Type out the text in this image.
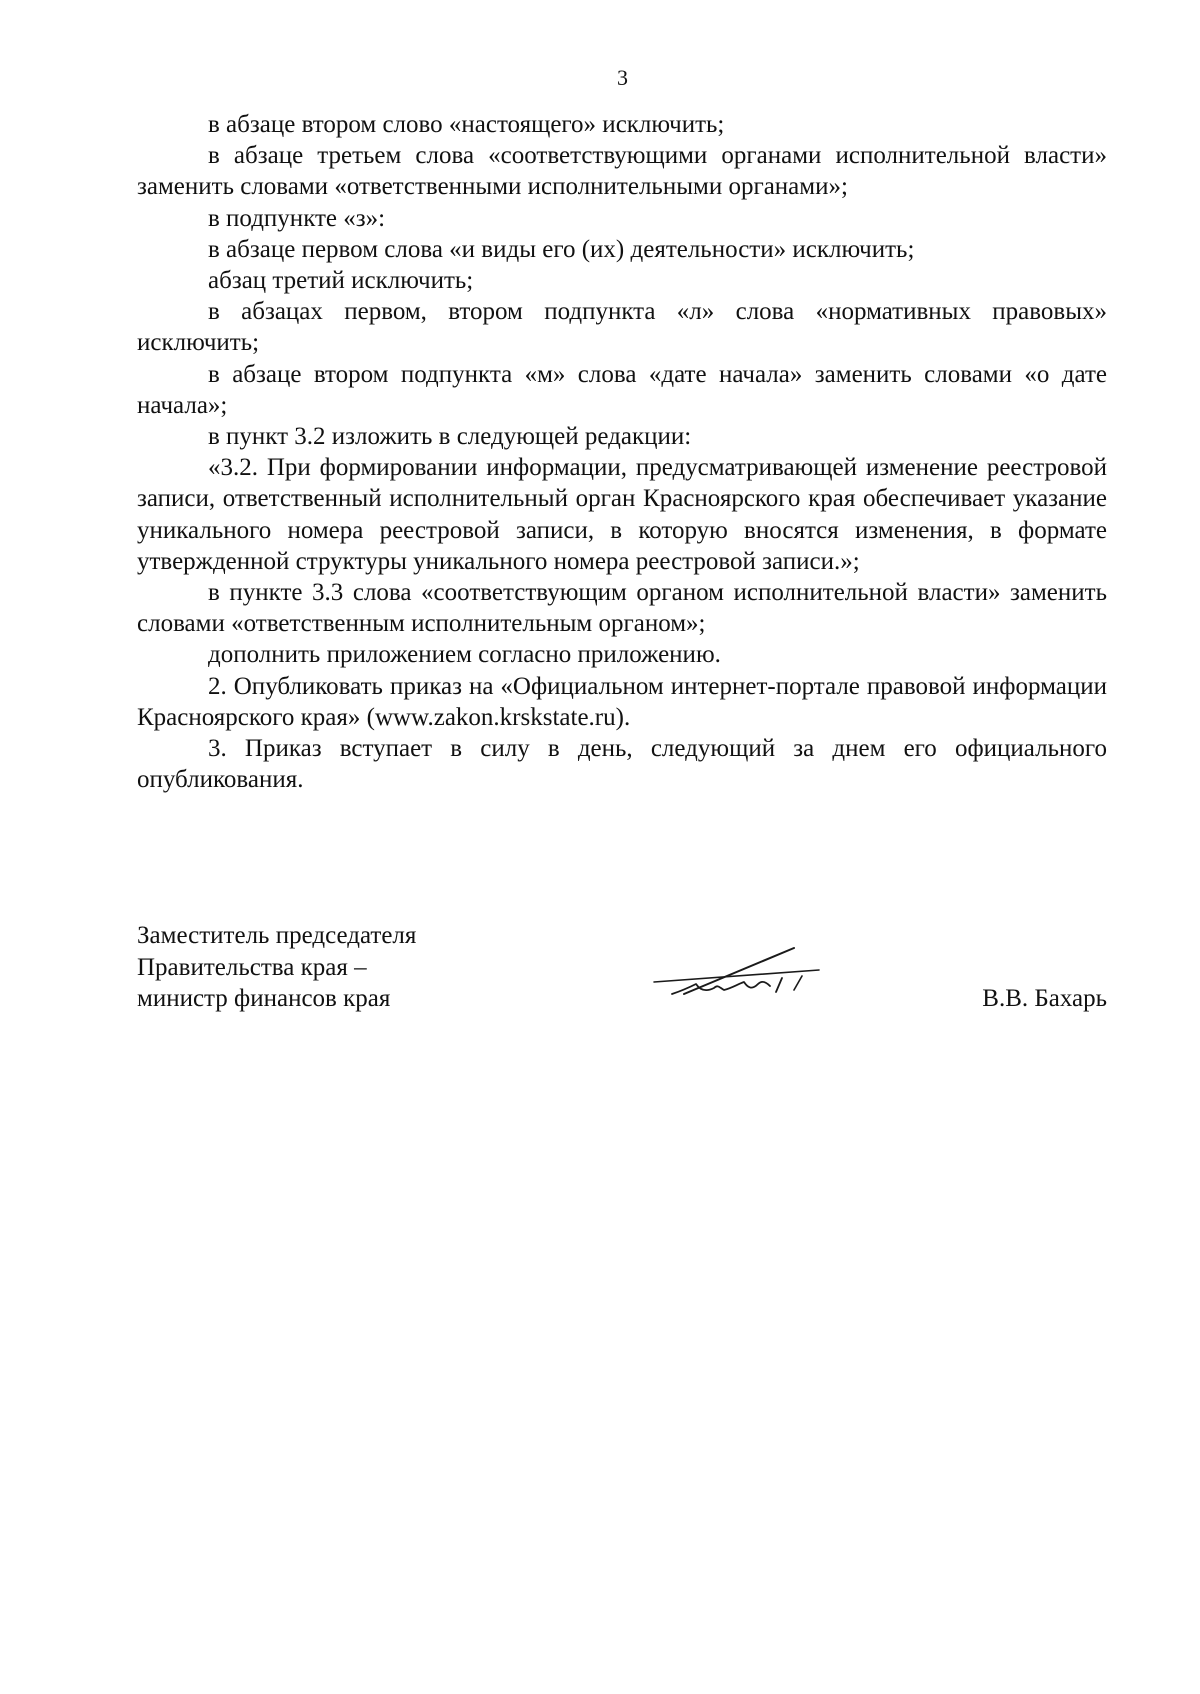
3

в абзаце втором слово «настоящего» исключить;

в абзаце третьем слова «соответствующими органами исполнительной власти» заменить словами «ответственными исполнительными органами»;

в подпункте «з»:

в абзаце первом слова «и виды его (их) деятельности» исключить;

абзац третий исключить;

в абзацах первом, втором подпункта «л» слова «нормативных правовых» исключить;

в абзаце втором подпункта «м» слова «дате начала» заменить словами «о дате начала»;

в пункт 3.2 изложить в следующей редакции:

«3.2. При формировании информации, предусматривающей изменение реестровой записи, ответственный исполнительный орган Красноярского края обеспечивает указание уникального номера реестровой записи, в которую вносятся изменения, в формате утвержденной структуры уникального номера реестровой записи.»;

в пункте 3.3 слова «соответствующим органом исполнительной власти» заменить словами «ответственным исполнительным органом»;

дополнить приложением согласно приложению.

2. Опубликовать приказ на «Официальном интернет-портале правовой информации Красноярского края» (www.zakon.krskstate.ru).

3. Приказ вступает в силу в день, следующий за днем его официального опубликования.

Заместитель председателя
Правительства края –
министр финансов края	В.В. Бахарь
